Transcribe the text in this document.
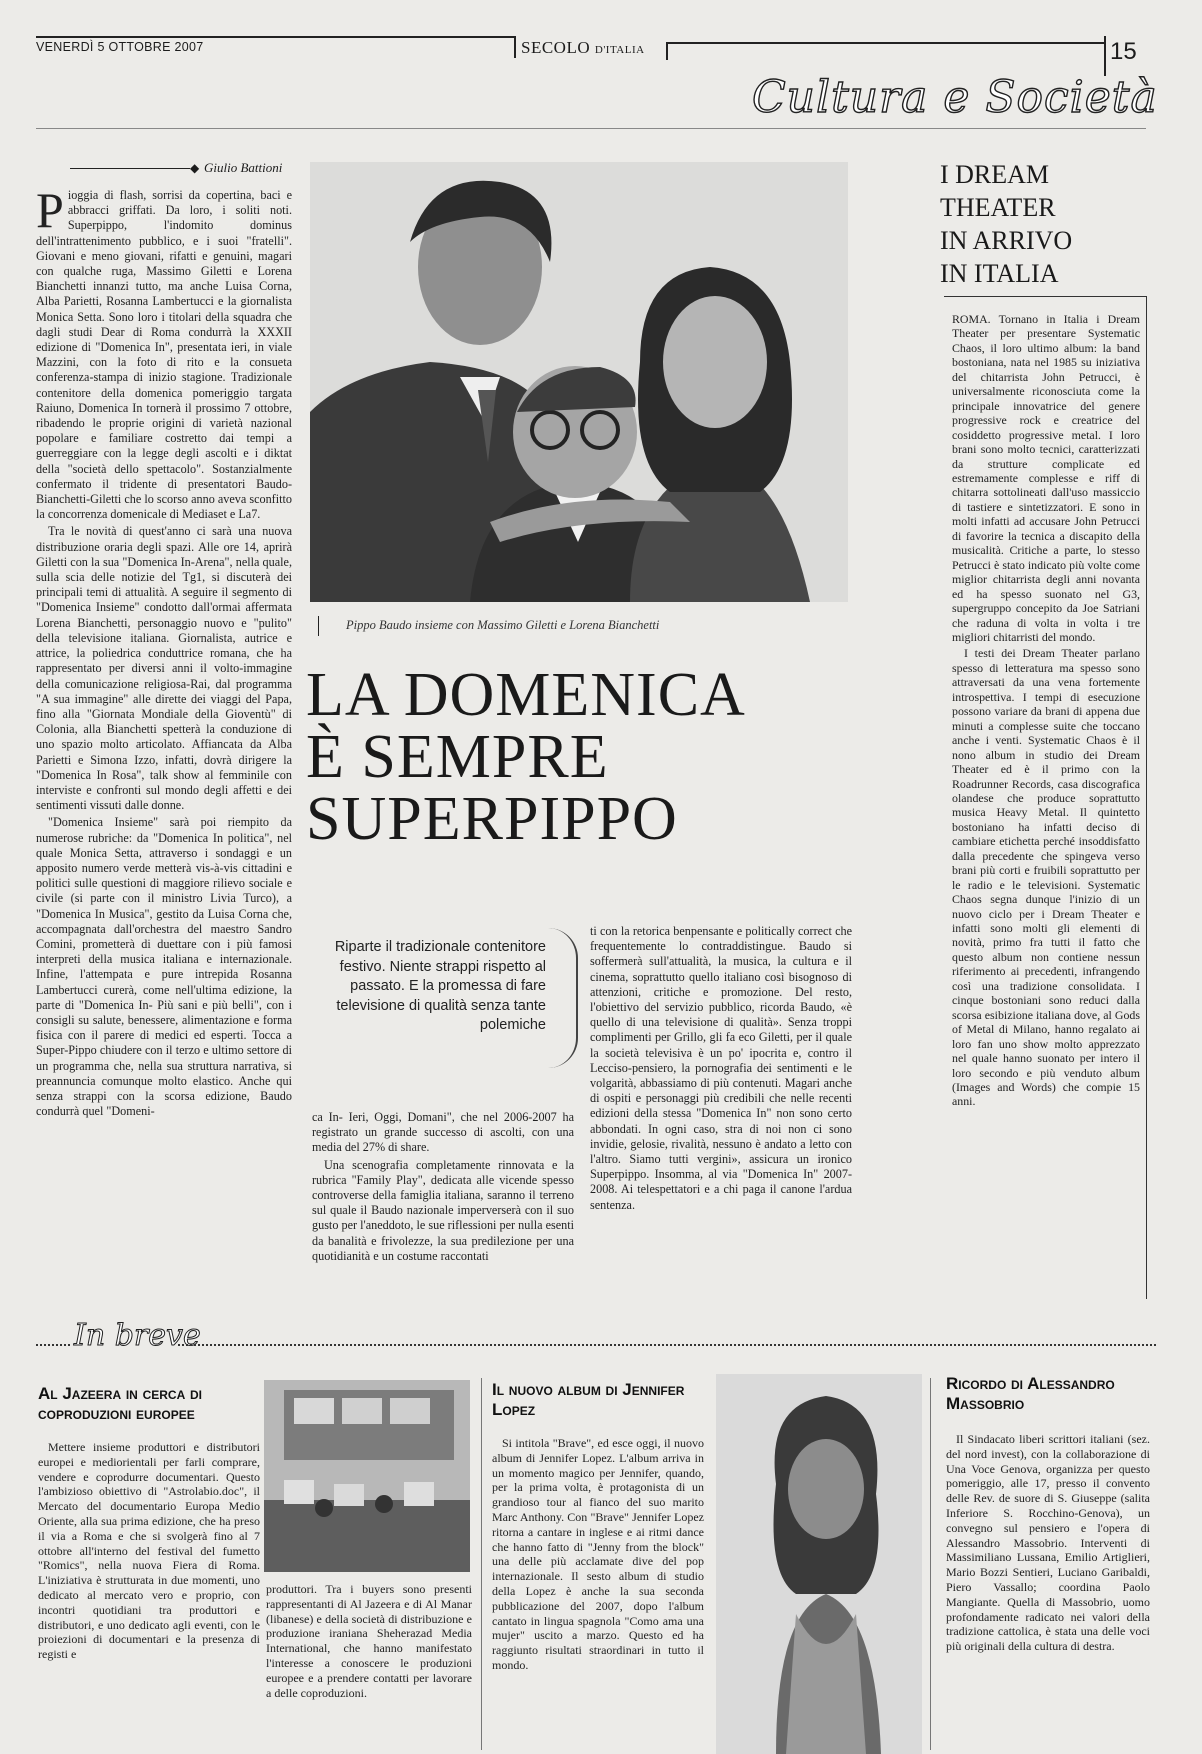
VENERDÌ 5 OTTOBRE 2007	SECOLO D'ITALIA	15
Cultura e Società
◆ Giulio Battioni
P ioggia di flash, sorrisi da copertina, baci e abbracci griffati. Da loro, i soliti noti. Superpippo, l'indomito dominus dell'intrattenimento pubblico, e i suoi "fratelli". Giovani e meno giovani, rifatti e genuini, magari con qualche ruga, Massimo Giletti e Lorena Bianchetti innanzi tutto, ma anche Luisa Corna, Alba Parietti, Rosanna Lambertucci e la giornalista Monica Setta. Sono loro i titolari della squadra che dagli studi Dear di Roma condurrà la XXXII edizione di "Domenica In", presentata ieri, in viale Mazzini, con la foto di rito e la consueta conferenza-stampa di inizio stagione. Tradizionale contenitore della domenica pomeriggio targata Raiuno, Domenica In tornerà il prossimo 7 ottobre, ribadendo le proprie origini di varietà nazional popolare e familiare costretto dai tempi a guerreggiare con la legge degli ascolti e i diktat della "società dello spettacolo". Sostanzialmente confermato il tridente di presentatori Baudo-Bianchetti-Giletti che lo scorso anno aveva sconfitto la concorrenza domenicale di Mediaset e La7.

Tra le novità di quest'anno ci sarà una nuova distribuzione oraria degli spazi. Alle ore 14, aprirà Giletti con la sua "Domenica In-Arena", nella quale, sulla scia delle notizie del Tg1, si discuterà dei principali temi di attualità. A seguire il segmento di "Domenica Insieme" condotto dall'ormai affermata Lorena Bianchetti, personaggio nuovo e "pulito" della televisione italiana. Giornalista, autrice e attrice, la poliedrica conduttrice romana, che ha rappresentato per diversi anni il volto-immagine della comunicazione religiosa-Rai, dal programma "A sua immagine" alle dirette dei viaggi del Papa, fino alla "Giornata Mondiale della Gioventù" di Colonia, alla Bianchetti spetterà la conduzione di uno spazio molto articolato. Affiancata da Alba Parietti e Simona Izzo, infatti, dovrà dirigere la "Domenica In Rosa", talk show al femminile con interviste e confronti sul mondo degli affetti e dei sentimenti vissuti dalle donne.

"Domenica Insieme" sarà poi riempito da numerose rubriche: da "Domenica In politica", nel quale Monica Setta, attraverso i sondaggi e un apposito numero verde metterà vis-à-vis cittadini e politici sulle questioni di maggiore rilievo sociale e civile (si parte con il ministro Livia Turco), a "Domenica In Musica", gestito da Luisa Corna che, accompagnata dall'orchestra del maestro Sandro Comini, prometterà di duettare con i più famosi interpreti della musica italiana e internazionale. Infine, l'attempata e pure intrepida Rosanna Lambertucci curerà, come nell'ultima edizione, la parte di "Domenica In- Più sani e più belli", con i consigli su salute, benessere, alimentazione e forma fisica con il parere di medici ed esperti. Tocca a Super-Pippo chiudere con il terzo e ultimo settore di un programma che, nella sua struttura narrativa, si preannuncia comunque molto elastico. Anche qui senza strappi con la scorsa edizione, Baudo condurrà quel "Domeni-

Pippo Baudo insieme con Massimo Giletti e Lorena Bianchetti
LA DOMENICA
È SEMPRE
SUPERPIPPO
Riparte il tradizionale contenitore festivo. Niente strappi rispetto al passato. E la promessa di fare televisione di qualità senza tante polemiche

ca In- Ieri, Oggi, Domani", che nel 2006-2007 ha registrato un grande successo di ascolti, con una media del 27% di share.

Una scenografia completamente rinnovata e la rubrica "Family Play", dedicata alle vicende spesso controverse della famiglia italiana, saranno il terreno sul quale il Baudo nazionale imperverserà con il suo gusto per l'aneddoto, le sue riflessioni per nulla esenti da banalità e frivolezze, la sua predilezione per una quotidianità e un costume raccontati

ti con la retorica benpensante e politically correct che frequentemente lo contraddistingue. Baudo si soffermerà sull'attualità, la musica, la cultura e il cinema, soprattutto quello italiano così bisognoso di attenzioni, critiche e promozione. Del resto, l'obiettivo del servizio pubblico, ricorda Baudo, «è quello di una televisione di qualità». Senza troppi complimenti per Grillo, gli fa eco Giletti, per il quale la società televisiva è un po' ipocrita e, contro il Lecciso-pensiero, la pornografia dei sentimenti e le volgarità, abbassiamo di più contenuti. Magari anche di ospiti e personaggi più credibili che nelle recenti edizioni della stessa "Domenica In" non sono certo abbondati. In ogni caso, stra di noi non ci sono invidie, gelosie, rivalità, nessuno è andato a letto con l'altro. Siamo tutti vergini», assicura un ironico Superpippo. Insomma, al via "Domenica In" 2007-2008. Ai telespettatori e a chi paga il canone l'ardua sentenza.

I DREAM
THEATER
IN ARRIVO
IN ITALIA

ROMA. Tornano in Italia i Dream Theater per presentare Systematic Chaos, il loro ultimo album: la band bostoniana, nata nel 1985 su iniziativa del chitarrista John Petrucci, è universalmente riconosciuta come la principale innovatrice del genere progressive rock e creatrice del cosiddetto progressive metal. I loro brani sono molto tecnici, caratterizzati da strutture complicate ed estremamente complesse e riff di chitarra sottolineati dall'uso massiccio di tastiere e sintetizzatori. E sono in molti infatti ad accusare John Petrucci di favorire la tecnica a discapito della musicalità. Critiche a parte, lo stesso Petrucci è stato indicato più volte come miglior chitarrista degli anni novanta ed ha spesso suonato nel G3, supergruppo concepito da Joe Satriani che raduna di volta in volta i tre migliori chitarristi del mondo.

I testi dei Dream Theater parlano spesso di letteratura ma spesso sono attraversati da una vena fortemente introspettiva. I tempi di esecuzione possono variare da brani di appena due minuti a complesse suite che toccano anche i venti. Systematic Chaos è il nono album in studio dei Dream Theater ed è il primo con la Roadrunner Records, casa discografica olandese che produce soprattutto musica Heavy Metal. Il quintetto bostoniano ha infatti deciso di cambiare etichetta perché insoddisfatto dalla precedente che spingeva verso brani più corti e fruibili soprattutto per le radio e le televisioni. Systematic Chaos segna dunque l'inizio di un nuovo ciclo per i Dream Theater e infatti sono molti gli elementi di novità, primo fra tutti il fatto che questo album non contiene nessun riferimento ai precedenti, infrangendo così una tradizione consolidata. I cinque bostoniani sono reduci dalla scorsa esibizione italiana dove, al Gods of Metal di Milano, hanno regalato ai loro fan uno show molto apprezzato nel quale hanno suonato per intero il loro secondo e più venduto album (Images and Words) che compie 15 anni.

In breve
Al Jazeera in cerca di coproduzioni europee
Mettere insieme produttori e distributori europei e mediorientali per farli comprare, vendere e coprodurre documentari. Questo l'ambizioso obiettivo di "Astrolabio.doc", il Mercato del documentario Europa Medio Oriente, alla sua prima edizione, che ha preso il via a Roma e che si svolgerà fino al 7 ottobre all'interno del festival del fumetto "Romics", nella nuova Fiera di Roma. L'iniziativa è strutturata in due momenti, uno dedicato al mercato vero e proprio, con incontri quotidiani tra produttori e distributori, e uno dedicato agli eventi, con le proiezioni di documentari e la presenza di registi e
produttori. Tra i buyers sono presenti rappresentanti di Al Jazeera e di Al Manar (libanese) e della società di distribuzione e produzione iraniana Sheherazad Media International, che hanno manifestato l'interesse a conoscere le produzioni europee e a prendere contatti per lavorare a delle coproduzioni.
Il nuovo album di Jennifer Lopez
Si intitola "Brave", ed esce oggi, il nuovo album di Jennifer Lopez. L'album arriva in un momento magico per Jennifer, quando, per la prima volta, è protagonista di un grandioso tour al fianco del suo marito Marc Anthony. Con "Brave" Jennifer Lopez ritorna a cantare in inglese e ai ritmi dance che hanno fatto di "Jenny from the block" una delle più acclamate dive del pop internazionale. Il sesto album di studio della Lopez è anche la sua seconda pubblicazione del 2007, dopo l'album cantato in lingua spagnola "Como ama una mujer" uscito a marzo. Questo ed ha raggiunto risultati straordinari in tutto il mondo.
Ricordo di Alessandro Massobrio
Il Sindacato liberi scrittori italiani (sez. del nord invest), con la collaborazione di Una Voce Genova, organizza per questo pomeriggio, alle 17, presso il convento delle Rev. de suore di S. Giuseppe (salita Inferiore S. Rocchino-Genova), un convegno sul pensiero e l'opera di Alessandro Massobrio. Interventi di Massimiliano Lussana, Emilio Artiglieri, Mario Bozzi Sentieri, Luciano Garibaldi, Piero Vassallo; coordina Paolo Mangiante. Quella di Massobrio, uomo profondamente radicato nei valori della tradizione cattolica, è stata una delle voci più originali della cultura di destra.
